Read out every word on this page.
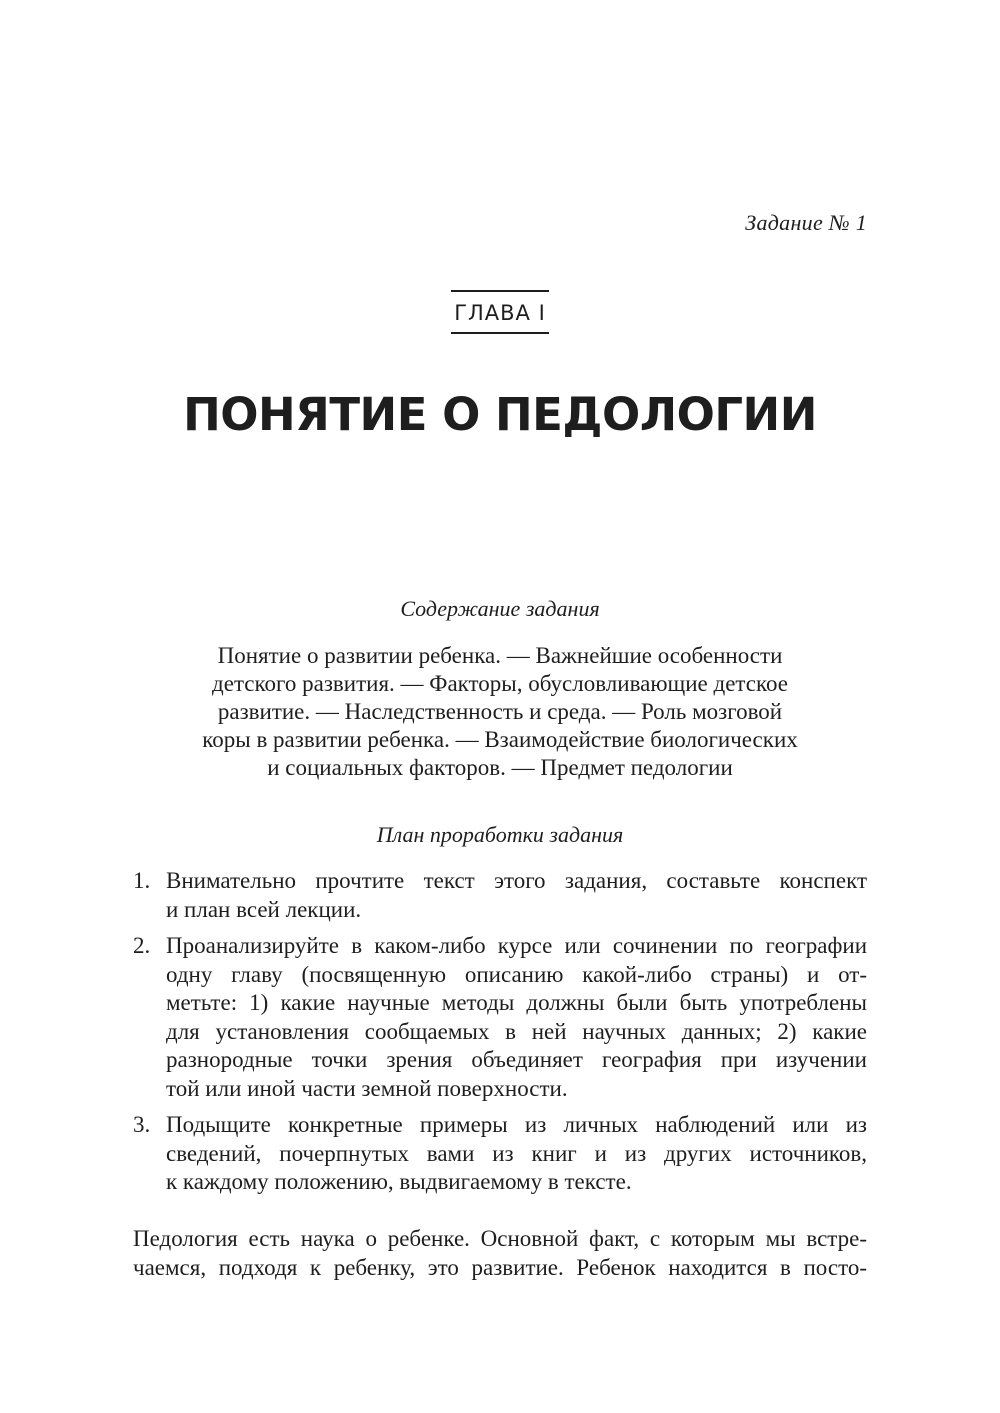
Задание № 1
ГЛАВА I
ПОНЯТИЕ О ПЕДОЛОГИИ
Содержание задания
Понятие о развитии ребенка. — Важнейшие особенности
детского развития. — Факторы, обусловливающие детское
развитие. — Наследственность и среда. — Роль мозговой
коры в развитии ребенка. — Взаимодействие биологических
и социальных факторов. — Предмет педологии
План проработки задания
1. Внимательно прочтите текст этого задания, составьте конспект
и план всей лекции.
2. Проанализируйте в каком-либо курсе или сочинении по географии
одну главу (посвященную описанию какой-либо страны) и от-
метьте: 1) какие научные методы должны были быть употреблены
для установления сообщаемых в ней научных данных; 2) какие
разнородные точки зрения объединяет география при изучении
той или иной части земной поверхности.
3. Подыщите конкретные примеры из личных наблюдений или из
сведений, почерпнутых вами из книг и из других источников,
к каждому положению, выдвигаемому в тексте.
Педология есть наука о ребенке. Основной факт, с которым мы встре-
чаемся, подходя к ребенку, это развитие. Ребенок находится в посто-
